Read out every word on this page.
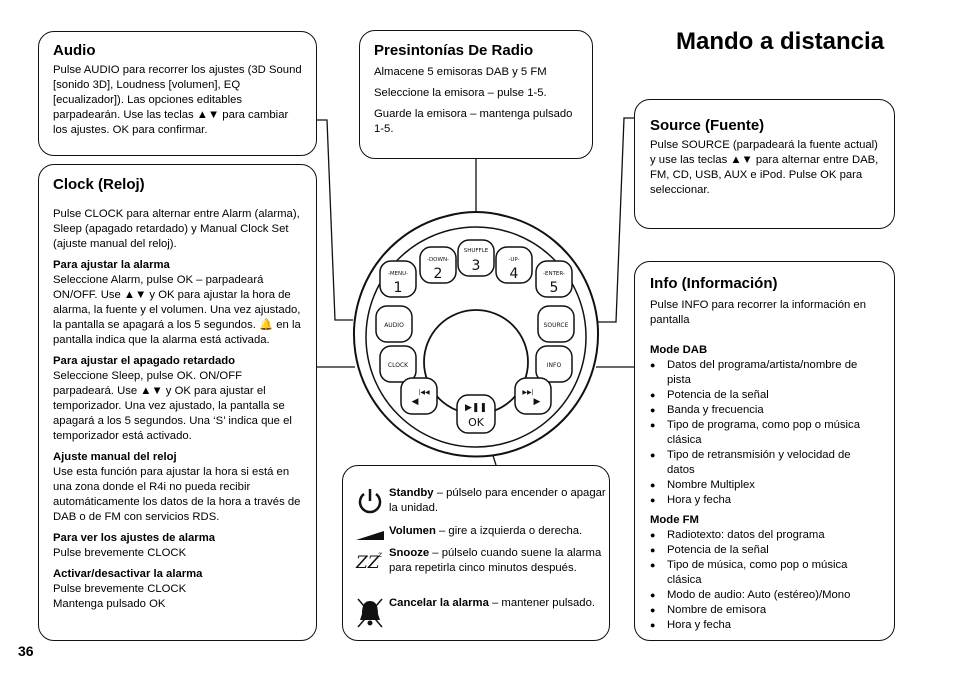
-MENU-
1
-DOWN-
2
SHUFFLE
3	-UP-
4	-ENTER-
5
AUDIO	SOURCE
CLOCK	INFO
|◀◀
◀
▶▶|
▶
▶❚❚
OK
Mando a distancia
Audio

Pulse AUDIO para recorrer los ajustes (3D Sound [sonido 3D], Loudness [volumen], EQ [ecualizador]). Las opciones editables parpadearán. Use las teclas ▲▼ para cambiar los ajustes. OK para confirmar.

Clock (Reloj)

Pulse CLOCK para alternar entre Alarm (alarma), Sleep (apagado retardado) y Manual Clock Set (ajuste manual del reloj).

Para ajustar la alarma

Seleccione Alarm, pulse OK – parpadeará ON/OFF. Use ▲▼ y OK para ajustar la hora de alarma, la fuente y el volumen. Una vez ajustado, la pantalla se apagará a los 5 segundos. 🔔 en la pantalla indica que la alarma está activada.

Para ajustar el apagado retardado

Seleccione Sleep, pulse OK. ON/OFF parpadeará. Use ▲▼ y OK para ajustar el temporizador. Una vez ajustado, la pantalla se apagará a los 5 segundos. Una ‘S’ indica que el temporizador está activado.

Ajuste manual del reloj

Use esta función para ajustar la hora si está en una zona donde el R4i no pueda recibir automáticamente los datos de la hora a través de DAB o de FM con servicios RDS.

Para ver los ajustes de alarma

Pulse brevemente CLOCK

Activar/desactivar la alarma

Pulse brevemente CLOCK

Mantenga pulsado OK

Presintonías De Radio

Almacene 5 emisoras DAB y 5 FM

Seleccione la emisora – pulse 1-5.

Guarde la emisora – mantenga pulsado 1-5.	Source (Fuente)

Pulse SOURCE (parpadeará la fuente actual) y use las teclas ▲▼ para alternar entre DAB, FM, CD, USB, AUX e iPod. Pulse OK para seleccionar.

Info (Información)

Pulse INFO para recorrer la información en pantalla

Mode DAB

● Datos del programa/artista/nombre de pista
● Potencia de la señal
● Banda y frecuencia
● Tipo de programa, como pop o música clásica
● Tipo de retransmisión y velocidad de datos
● Nombre Multiplex
● Hora y fecha

Mode FM

● Radiotexto: datos del programa
● Potencia de la señal
● Tipo de música, como pop o música clásica
● Modo de audio: Auto (estéreo)/Mono
● Nombre de emisora
● Hora y fecha
Standby – púlselo para encender o apagar la unidad.
Volumen – gire a izquierda o derecha.
ZZ
z Snooze – púlselo cuando suene la alarma para repetirla cinco minutos después.
Cancelar la alarma – mantener pulsado.
36
